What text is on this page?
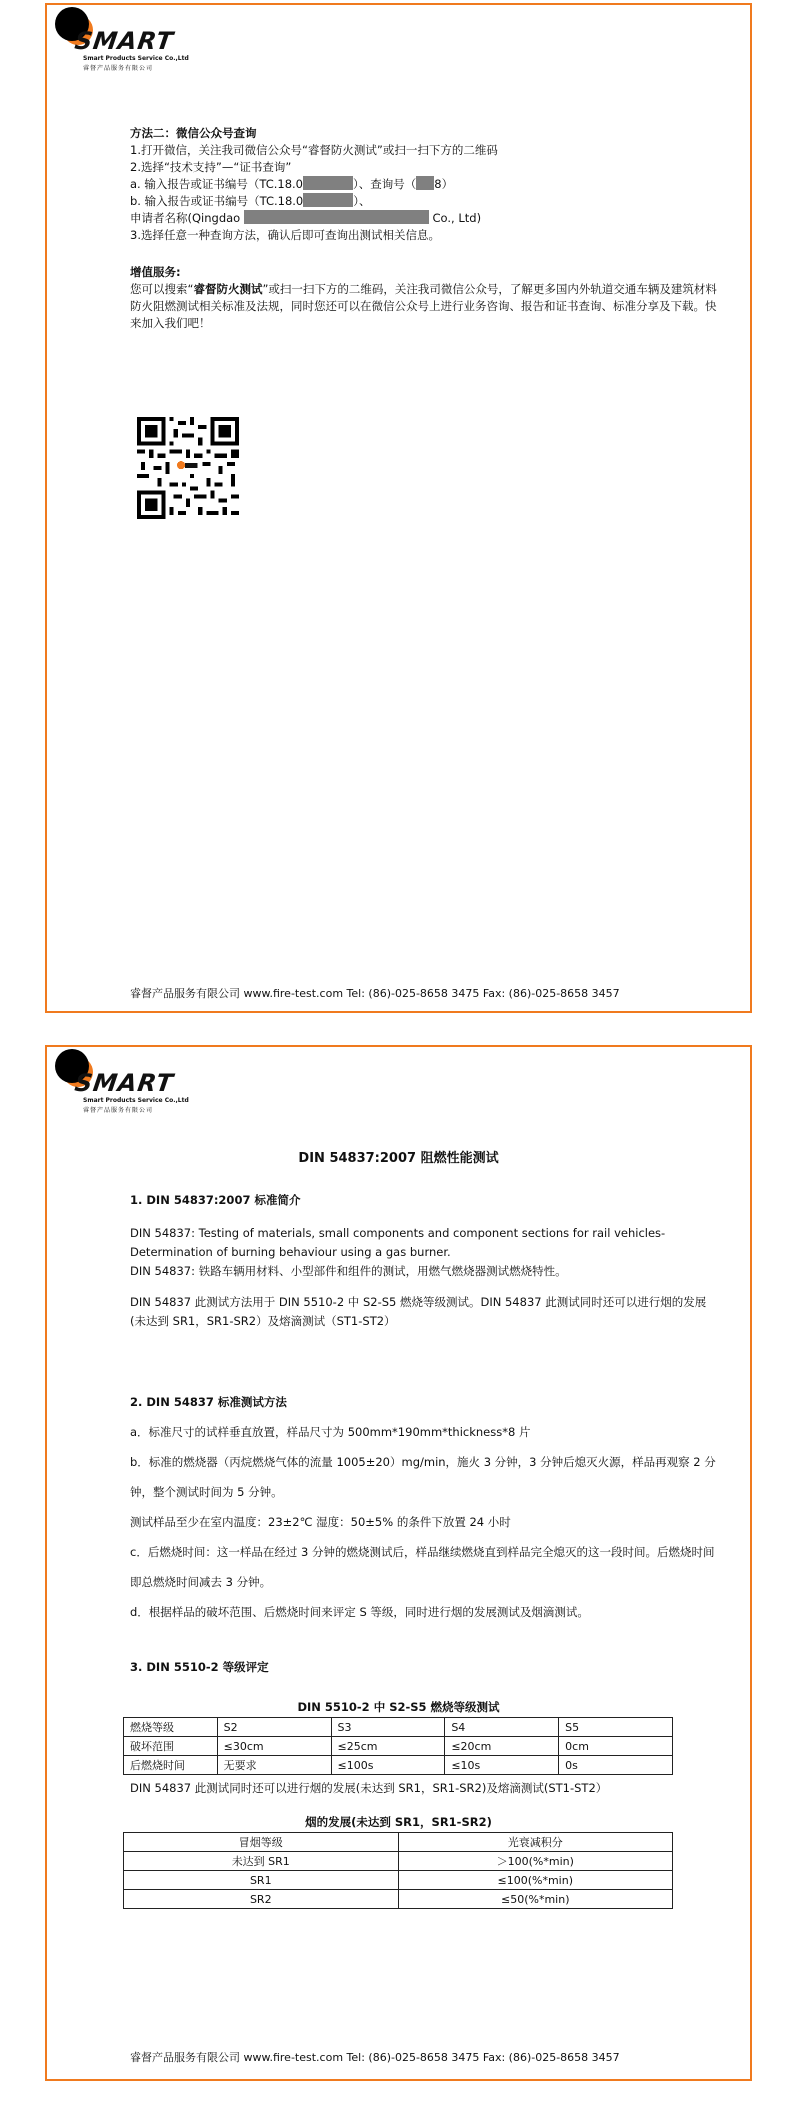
SMART
Smart Products Service Co.,Ltd
睿督产品服务有限公司
方法二：微信公众号查询
1.打开微信，关注我司微信公众号“睿督防火测试”或扫一扫下方的二维码
2.选择“技术支持”—“证书查询”
a. 输入报告或证书编号（TC.18.0	）、查询号（ 8）
b. 输入报告或证书编号（TC.18.0	）、
申请者名称(Qingdao	Co., Ltd)
3.选择任意一种查询方法，确认后即可查询出测试相关信息。
增值服务:
您可以搜索“睿督防火测试”或扫一扫下方的二维码，关注我司微信公众号，了解更多国内外轨道交通车辆及建筑材料防火阻燃测试相关标准及法规，同时您还可以在微信公众号上进行业务咨询、报告和证书查询、标准分享及下载。快来加入我们吧！
睿督产品服务有限公司 www.fire-test.com Tel: (86)-025-8658 3475 Fax: (86)-025-8658 3457
SMART
Smart Products Service Co.,Ltd
睿督产品服务有限公司
DIN 54837:2007 阻燃性能测试
1. DIN 54837:2007 标准简介

DIN 54837: Testing of materials, small components and component sections for rail vehicles-Determination of burning behaviour using a gas burner.

DIN 54837: 铁路车辆用材料、小型部件和组件的测试，用燃气燃烧器测试燃烧特性。

DIN 54837 此测试方法用于 DIN 5510-2 中 S2-S5 燃烧等级测试。DIN 54837 此测试同时还可以进行烟的发展(未达到 SR1，SR1-SR2）及熔滴测试（ST1-ST2）

2. DIN 54837 标准测试方法

a．标准尺寸的试样垂直放置，样品尺寸为 500mm*190mm*thickness*8 片

b．标准的燃烧器（丙烷燃烧气体的流量 1005±20）mg/min，施火 3 分钟，3 分钟后熄灭火源，样品再观察 2 分钟，整个测试时间为 5 分钟。

测试样品至少在室内温度：23±2℃ 湿度：50±5% 的条件下放置 24 小时

c．后燃烧时间：这一样品在经过 3 分钟的燃烧测试后，样品继续燃烧直到样品完全熄灭的这一段时间。后燃烧时间即总燃烧时间减去 3 分钟。

d．根据样品的破坏范围、后燃烧时间来评定 S 等级，同时进行烟的发展测试及烟滴测试。

3. DIN 5510-2 等级评定
DIN 5510-2 中 S2-S5 燃烧等级测试
燃烧等级	S2	S3	S4	S5
破坏范围	≤30cm	≤25cm	≤20cm	0cm
后燃烧时间	无要求	≤100s	≤10s	0s
DIN 54837 此测试同时还可以进行烟的发展(未达到 SR1，SR1-SR2)及熔滴测试(ST1-ST2）
烟的发展(未达到 SR1，SR1-SR2)
冒烟等级	光衰减积分
未达到 SR1	＞100(%*min)
SR1	≤100(%*min)
SR2	≤50(%*min)
睿督产品服务有限公司 www.fire-test.com Tel: (86)-025-8658 3475 Fax: (86)-025-8658 3457
